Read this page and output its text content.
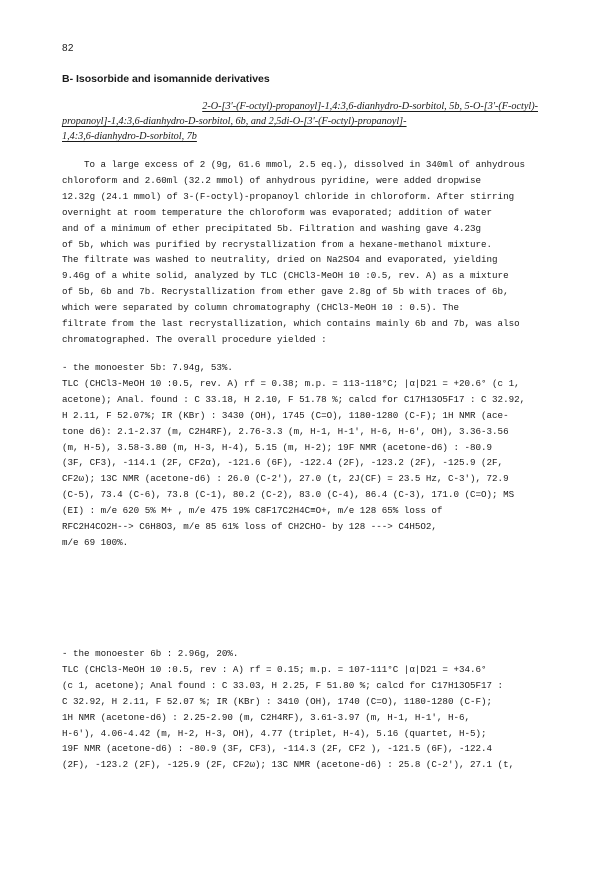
82
B- Isosorbide and isomannide derivatives
2-O-[3'-(F-octyl)-propanoyl]-1,4:3,6-dianhydro-D-sorbitol, 5b, 5-O-[3'-(F-octyl)-
propanoyl]-1,4:3,6-dianhydro-D-sorbitol, 6b, and 2,5di-O-[3'-(F-octyl)-propanoyl]-
1,4:3,6-dianhydro-D-sorbitol, 7b
To a large excess of 2 (9g, 61.6 mmol, 2.5 eq.), dissolved in 340ml of anhydrous
chloroform and 2.60ml (32.2 mmol) of anhydrous pyridine, were added dropwise
12.32g (24.1 mmol) of 3-(F-octyl)-propanoyl chloride in chloroform. After stirring
overnight at room temperature the chloroform was evaporated; addition of water
and of a minimum of ether precipitated 5b. Filtration and washing gave 4.23g
of 5b, which was purified by recrystallization from a hexane-methanol mixture.
The filtrate was washed to neutrality, dried on Na2SO4 and evaporated, yielding
9.46g of a white solid, analyzed by TLC (CHCl3-MeOH 10 :0.5, rev. A) as a mixture
of 5b, 6b and 7b. Recrystallization from ether gave 2.8g of 5b with traces of 6b,
which were separated by column chromatography (CHCl3-MeOH 10 : 0.5). The
filtrate from the last recrystallization, which contains mainly 6b and 7b, was also
chromatographed. The overall procedure yielded :
- the monoester 5b: 7.94g, 53%.
TLC (CHCl3-MeOH 10 :0.5, rev. A) rf = 0.38; m.p. = 113-118°C; |α|D21 = +20.6° (c 1,
acetone); Anal. found : C 33.18, H 2.10, F 51.78 %; calcd for C17H13O5F17 : C 32.92,
H 2.11, F 52.07%; IR (KBr) : 3430 (OH), 1745 (C=O), 1180-1280 (C-F); 1H NMR (ace-
tone d6): 2.1-2.37 (m, C2H4RF), 2.76-3.3 (m, H-1, H-1', H-6, H-6', OH), 3.36-3.56
(m, H-5), 3.58-3.80 (m, H-3, H-4), 5.15 (m, H-2); 19F NMR (acetone-d6) : -80.9
(3F, CF3), -114.1 (2F, CF2α), -121.6 (6F), -122.4 (2F), -123.2 (2F), -125.9 (2F,
CF2ω); 13C NMR (acetone-d6) : 26.0 (C-2'), 27.0 (t, 2J(CF) = 23.5 Hz, C-3'), 72.9
(C-5), 73.4 (C-6), 73.8 (C-1), 80.2 (C-2), 83.0 (C-4), 86.4 (C-3), 171.0 (C=O); MS
(EI) : m/e 620 5% M+ , m/e 475 19% C8F17C2H4C≡O+, m/e 128 65% loss of
RFC2H4CO2H--> C6H8O3, m/e 85 61% loss of CH2CHO- by 128 ---> C4H5O2,
m/e 69 100%.
- the monoester 6b : 2.96g, 20%.
TLC (CHCl3-MeOH 10 :0.5, rev : A) rf = 0.15; m.p. = 107-111°C |α|D21 = +34.6°
(c 1, acetone); Anal found : C 33.03, H 2.25, F 51.80 %; calcd for C17H13O5F17 :
C 32.92, H 2.11, F 52.07 %; IR (KBr) : 3410 (OH), 1740 (C=O), 1180-1280 (C-F);
1H NMR (acetone-d6) : 2.25-2.90 (m, C2H4RF), 3.61-3.97 (m, H-1, H-1', H-6,
H-6'), 4.06-4.42 (m, H-2, H-3, OH), 4.77 (triplet, H-4), 5.16 (quartet, H-5);
19F NMR (acetone-d6) : -80.9 (3F, CF3), -114.3 (2F, CF2 ), -121.5 (6F), -122.4
(2F), -123.2 (2F), -125.9 (2F, CF2ω); 13C NMR (acetone-d6) : 25.8 (C-2'), 27.1 (t,
